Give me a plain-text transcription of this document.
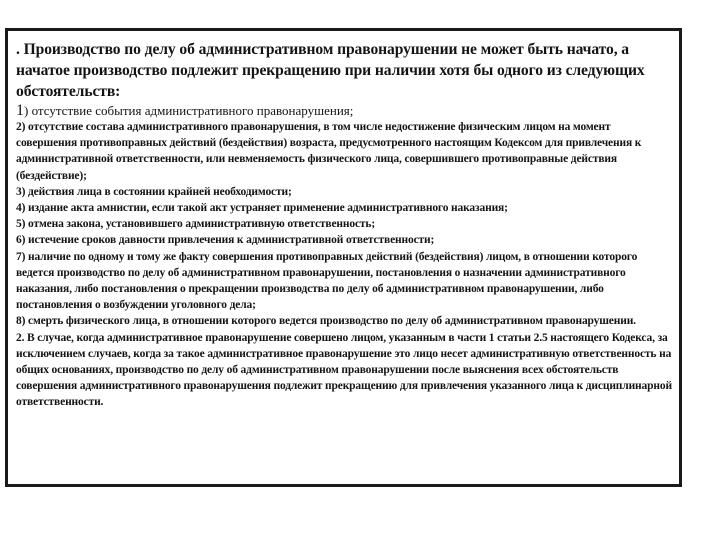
. Производство по делу об административном правонарушении не может быть начато, а начатое производство подлежит прекращению при наличии хотя бы одного из следующих обстоятельств:

1) отсутствие события административного правонарушения;

2) отсутствие состава административного правонарушения, в том числе недостижение физическим лицом на момент совершения противоправных действий (бездействия) возраста, предусмотренного настоящим Кодексом для привлечения к административной ответственности, или невменяемость физического лица, совершившего противоправные действия (бездействие);

3) действия лица в состоянии крайней необходимости;

4) издание акта амнистии, если такой акт устраняет применение административного наказания;

5) отмена закона, установившего административную ответственность;

6) истечение сроков давности привлечения к административной ответственности;

7) наличие по одному и тому же факту совершения противоправных действий (бездействия) лицом, в отношении которого ведется производство по делу об административном правонарушении, постановления о назначении административного наказания, либо постановления о прекращении производства по делу об административном правонарушении, либо постановления о возбуждении уголовного дела;

8) смерть физического лица, в отношении которого ведется производство по делу об административном правонарушении.

2. В случае, когда административное правонарушение совершено лицом, указанным в части 1 статьи 2.5 настоящего Кодекса, за исключением случаев, когда за такое административное правонарушение это лицо несет административную ответственность на общих основаниях, производство по делу об административном правонарушении после выяснения всех обстоятельств совершения административного правонарушения подлежит прекращению для привлечения указанного лица к дисциплинарной ответственности.
